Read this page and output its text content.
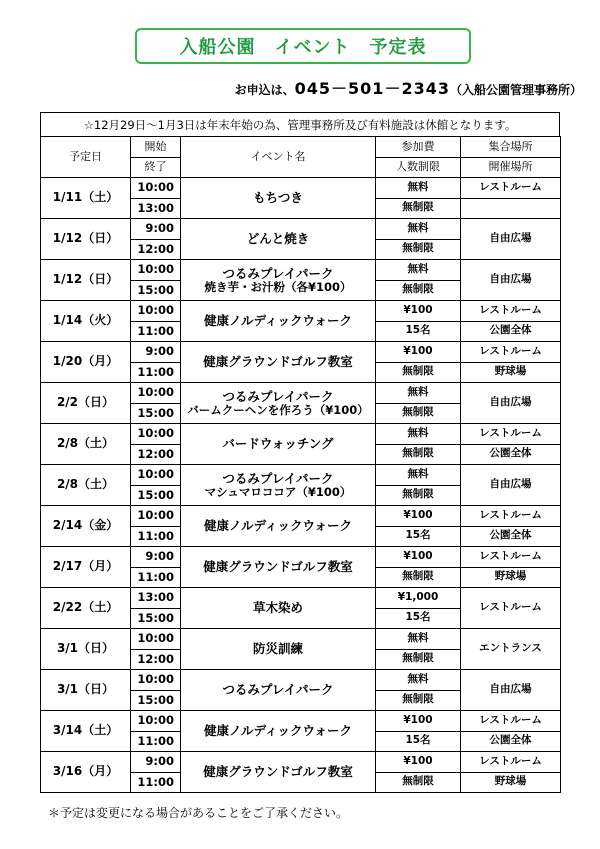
入船公園　イベント　予定表
お申込は、045－501－2343（入船公園管理事務所）
☆12月29日～1月3日は年末年始の為、管理事務所及び有料施設は休館となります。
予定日	開始	イベント名	参加費	集合場所
	終了		人数制限	開催場所
1/11（土）	10:00	もちつき	無料	レストルーム
	13:00		無制限	
1/12（日）	9:00	どんと焼き	無料	自由広場
	12:00		無制限	
1/12（日）	10:00	つるみプレイパーク
焼き芋・お汁粉（各¥100）	無料	自由広場
	15:00		無制限	
1/14（火）	10:00	健康ノルディックウォーク	¥100	レストルーム
	11:00		15名	公園全体
1/20（月）	9:00	健康グラウンドゴルフ教室	¥100	レストルーム
	11:00		無制限	野球場
2/2（日）	10:00	つるみプレイパーク
バームクーヘンを作ろう（¥100）	無料	自由広場
	15:00		無制限	
2/8（土）	10:00	バードウォッチング	無料	レストルーム
	12:00		無制限	公園全体
2/8（土）	10:00	つるみプレイパーク
マシュマロココア（¥100）	無料	自由広場
	15:00		無制限	
2/14（金）	10:00	健康ノルディックウォーク	¥100	レストルーム
	11:00		15名	公園全体
2/17（月）	9:00	健康グラウンドゴルフ教室	¥100	レストルーム
	11:00		無制限	野球場
2/22（土）	13:00	草木染め	¥1,000	レストルーム
	15:00		15名	
3/1（日）	10:00	防災訓練	無料	エントランス
	12:00		無制限	
3/1（日）	10:00	つるみプレイパーク	無料	自由広場
	15:00		無制限	
3/14（土）	10:00	健康ノルディックウォーク	¥100	レストルーム
	11:00		15名	公園全体
3/16（月）	9:00	健康グラウンドゴルフ教室	¥100	レストルーム
	11:00		無制限	野球場
＊予定は変更になる場合があることをご了承ください。
